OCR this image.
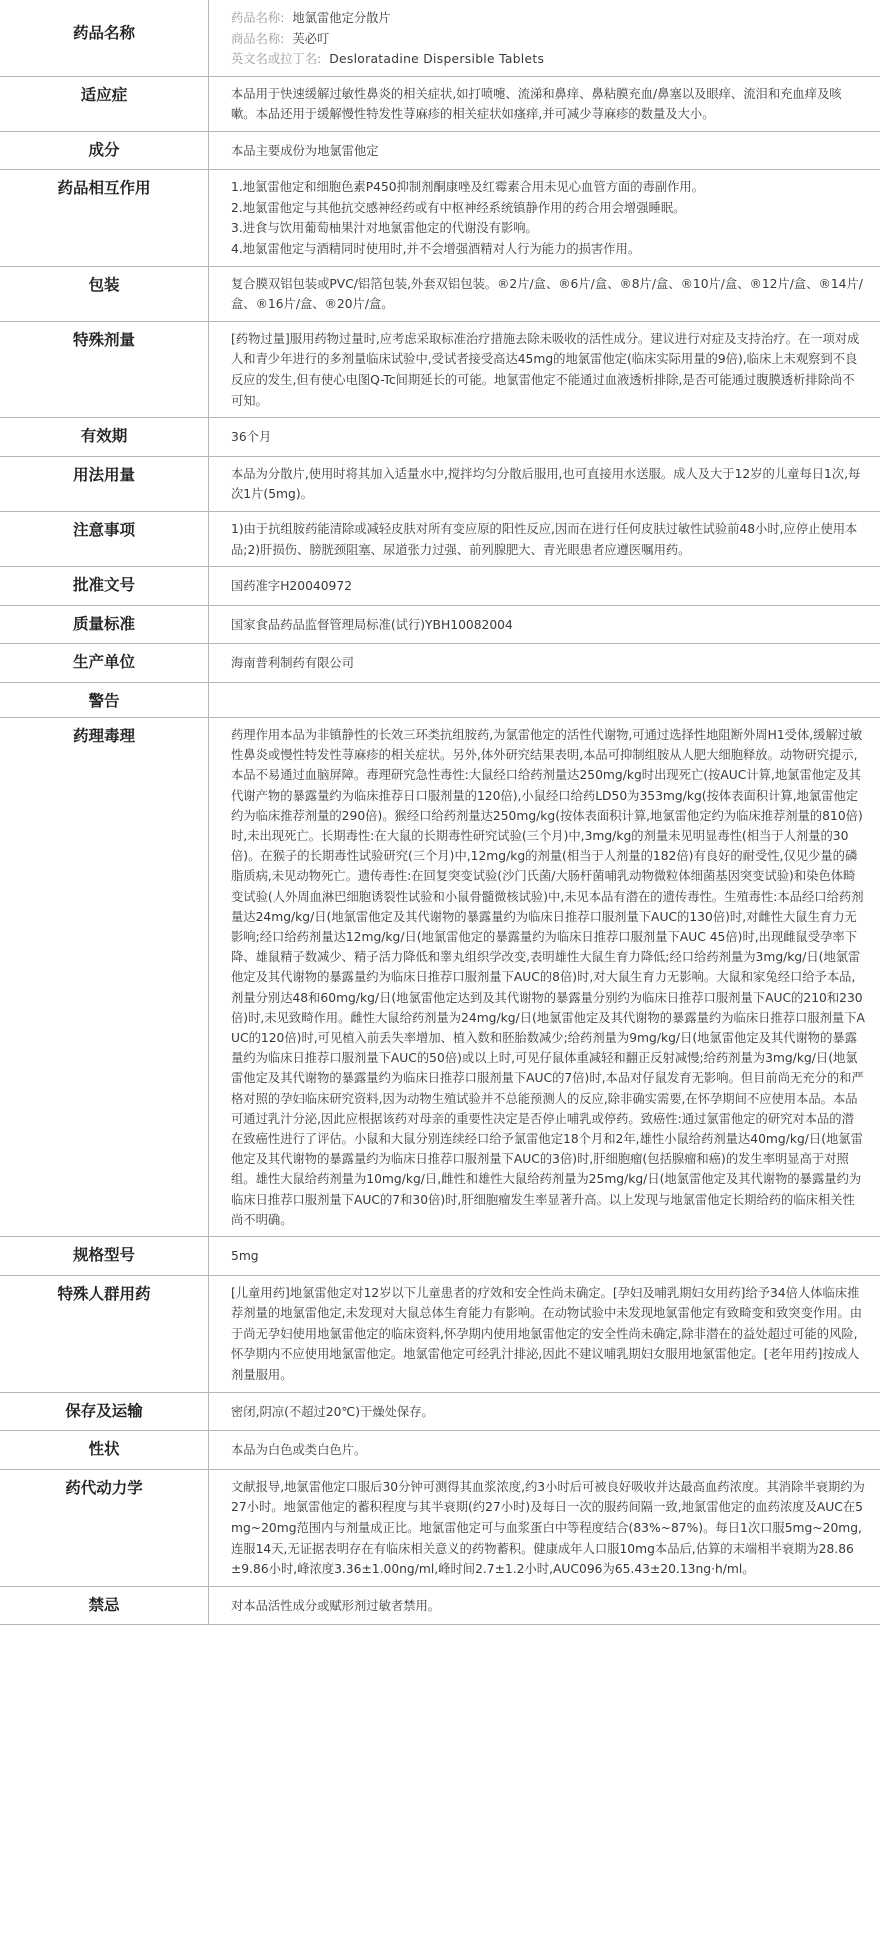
药品名称	药品名称: 地氯雷他定分散片
商品名称: 芙必叮
英文名或拉丁名: Desloratadine Dispersible Tablets

适应症	本品用于快速缓解过敏性鼻炎的相关症状,如打喷嚏、流涕和鼻痒、鼻粘膜充血/鼻塞以及眼痒、流泪和充血痒及咳嗽。本品还用于缓解慢性特发性荨麻疹的相关症状如瘙痒,并可减少荨麻疹的数量及大小。
成分	本品主要成份为地氯雷他定
药品相互作用	1.地氯雷他定和细胞色素P450抑制剂酮康唑及红霉素合用未见心血管方面的毒副作用。

2.地氯雷他定与其他抗交感神经药或有中枢神经系统镇静作用的药合用会增强睡眠。

3.进食与饮用葡萄柚果汁对地氯雷他定的代谢没有影响。

4.地氯雷他定与酒精同时使用时,并不会增强酒精对人行为能力的损害作用。

包装	复合膜双铝包装或PVC/铝箔包装,外套双铝包装。®2片/盒、®6片/盒、®8片/盒、®10片/盒、®12片/盒、®14片/盒、®16片/盒、®20片/盒。
特殊剂量	[药物过量]服用药物过量时,应考虑采取标准治疗措施去除未吸收的活性成分。建议进行对症及支持治疗。在一项对成人和青少年进行的多剂量临床试验中,受试者接受高达45mg的地氯雷他定(临床实际用量的9倍),临床上未观察到不良反应的发生,但有使心电图Q-Tc间期延长的可能。地氯雷他定不能通过血液透析排除,是否可能通过腹膜透析排除尚不可知。
有效期	36个月
用法用量	本品为分散片,使用时将其加入适量水中,搅拌均匀分散后服用,也可直接用水送服。成人及大于12岁的儿童每日1次,每次1片(5mg)。
注意事项	1)由于抗组胺药能清除或减轻皮肤对所有变应原的阳性反应,因而在进行任何皮肤过敏性试验前48小时,应停止使用本品;2)肝损伤、膀胱颈阻塞、尿道张力过强、前列腺肥大、青光眼患者应遵医嘱用药。
批准文号	国药准字H20040972
质量标准	国家食品药品监督管理局标准(试行)YBH10082004
生产单位	海南普利制药有限公司
警告	
药理毒理	药理作用本品为非镇静性的长效三环类抗组胺药,为氯雷他定的活性代谢物,可通过选择性地阻断外周H1受体,缓解过敏性鼻炎或慢性特发性荨麻疹的相关症状。另外,体外研究结果表明,本品可抑制组胺从人肥大细胞释放。动物研究提示,本品不易通过血脑屏障。毒理研究急性毒性:大鼠经口给药剂量达250mg/kg时出现死亡(按AUC计算,地氯雷他定及其代谢产物的暴露量约为临床推荐日口服剂量的120倍),小鼠经口给药LD50为353mg/kg(按体表面积计算,地氯雷他定约为临床推荐剂量的290倍)。猴经口给药剂量达250mg/kg(按体表面积计算,地氯雷他定约为临床推荐剂量的810倍)时,未出现死亡。长期毒性:在大鼠的长期毒性研究试验(三个月)中,3mg/kg的剂量未见明显毒性(相当于人剂量的30倍)。在猴子的长期毒性试验研究(三个月)中,12mg/kg的剂量(相当于人剂量的182倍)有良好的耐受性,仅见少量的磷脂质病,未见动物死亡。遗传毒性:在回复突变试验(沙门氏菌/大肠杆菌哺乳动物微粒体细菌基因突变试验)和染色体畸变试验(人外周血淋巴细胞诱裂性试验和小鼠骨髓微核试验)中,未见本品有潜在的遗传毒性。生殖毒性:本品经口给药剂量达24mg/kg/日(地氯雷他定及其代谢物的暴露量约为临床日推荐口服剂量下AUC的130倍)时,对雌性大鼠生育力无影响;经口给药剂量达12mg/kg/日(地氯雷他定的暴露量约为临床日推荐口服剂量下AUC 45倍)时,出现雌鼠受孕率下降、雄鼠精子数减少、精子活力降低和睾丸组织学改变,表明雄性大鼠生育力降低;经口给药剂量为3mg/kg/日(地氯雷他定及其代谢物的暴露量约为临床日推荐口服剂量下AUC的8倍)时,对大鼠生育力无影响。大鼠和家兔经口给予本品,剂量分别达48和60mg/kg/日(地氯雷他定达到及其代谢物的暴露量分别约为临床日推荐口服剂量下AUC的210和230倍)时,未见致畸作用。雌性大鼠给药剂量为24mg/kg/日(地氯雷他定及其代谢物的暴露量约为临床日推荐口服剂量下AUC的120倍)时,可见植入前丢失率增加、植入数和胚胎数减少;给药剂量为9mg/kg/日(地氯雷他定及其代谢物的暴露量约为临床日推荐口服剂量下AUC的50倍)或以上时,可见仔鼠体重减轻和翻正反射减慢;给药剂量为3mg/kg/日(地氯雷他定及其代谢物的暴露量约为临床日推荐口服剂量下AUC的7倍)时,本品对仔鼠发育无影响。但目前尚无充分的和严格对照的孕妇临床研究资料,因为动物生殖试验并不总能预测人的反应,除非确实需要,在怀孕期间不应使用本品。本品可通过乳汁分泌,因此应根据该药对母亲的重要性决定是否停止哺乳或停药。致癌性:通过氯雷他定的研究对本品的潜在致癌性进行了评估。小鼠和大鼠分别连续经口给予氯雷他定18个月和2年,雄性小鼠给药剂量达40mg/kg/日(地氯雷他定及其代谢物的暴露量约为临床日推荐口服剂量下AUC的3倍)时,肝细胞瘤(包括腺瘤和癌)的发生率明显高于对照组。雄性大鼠给药剂量为10mg/kg/日,雌性和雄性大鼠给药剂量为25mg/kg/日(地氯雷他定及其代谢物的暴露量约为临床日推荐口服剂量下AUC的7和30倍)时,肝细胞瘤发生率显著升高。以上发现与地氯雷他定长期给药的临床相关性尚不明确。
规格型号	5mg
特殊人群用药	[儿童用药]地氯雷他定对12岁以下儿童患者的疗效和安全性尚未确定。[孕妇及哺乳期妇女用药]给予34倍人体临床推荐剂量的地氯雷他定,未发现对大鼠总体生育能力有影响。在动物试验中未发现地氯雷他定有致畸变和致突变作用。由于尚无孕妇使用地氯雷他定的临床资料,怀孕期内使用地氯雷他定的安全性尚未确定,除非潜在的益处超过可能的风险,怀孕期内不应使用地氯雷他定。地氯雷他定可经乳汁排泌,因此不建议哺乳期妇女服用地氯雷他定。[老年用药]按成人剂量服用。
保存及运输	密闭,阴凉(不超过20℃)干燥处保存。
性状	本品为白色或类白色片。
药代动力学	文献报导,地氯雷他定口服后30分钟可测得其血浆浓度,约3小时后可被良好吸收并达最高血药浓度。其消除半衰期约为27小时。地氯雷他定的蓄积程度与其半衰期(约27小时)及每日一次的服药间隔一致,地氯雷他定的血药浓度及AUC在5mg~20mg范围内与剂量成正比。地氯雷他定可与血浆蛋白中等程度结合(83%~87%)。每日1次口服5mg~20mg,连服14天,无证据表明存在有临床相关意义的药物蓄积。健康成年人口服10mg本品后,估算的末端相半衰期为28.86±9.86小时,峰浓度3.36±1.00ng/ml,峰时间2.7±1.2小时,AUC096为65.43±20.13ng·h/ml。
禁忌	对本品活性成分或赋形剂过敏者禁用。
